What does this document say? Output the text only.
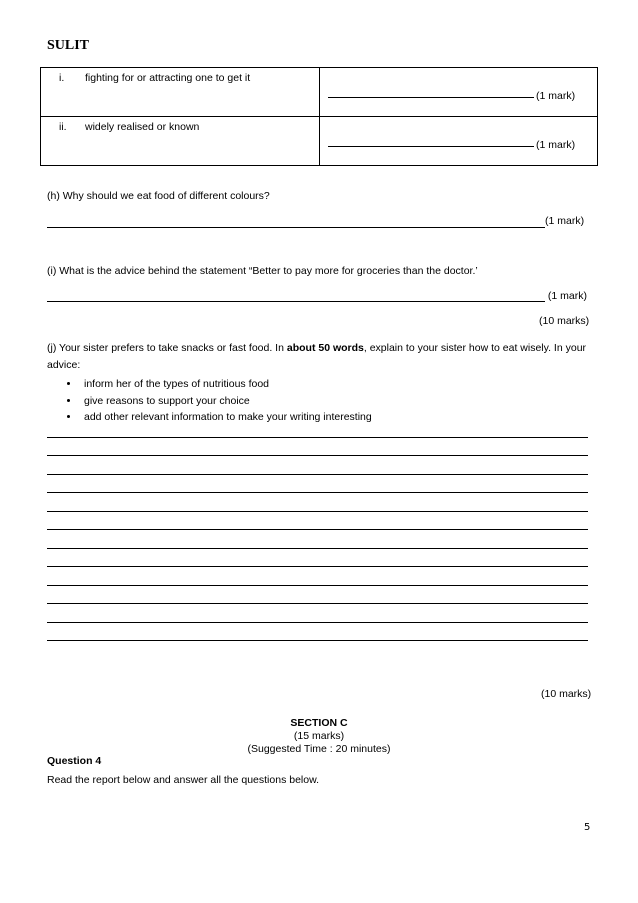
SULIT
i. fighting for or attracting one to get it	(1 mark)

ii. widely realised or known	(1 mark)
(h) Why should we eat food of different colours?
(1 mark)
(i) What is the advice behind the statement “Better to pay more for groceries than the doctor.’
(1 mark)
(10 marks)
(j) Your sister prefers to take snacks or fast food. In about 50 words, explain to your sister how to eat wisely. In your advice:
• inform her of the types of nutritious food
• give reasons to support your choice
• add other relevant information to make your writing interesting
(10 marks)
SECTION C
(15 marks)
(Suggested Time : 20 minutes)
Question 4
Read the report below and answer all the questions below.
5
